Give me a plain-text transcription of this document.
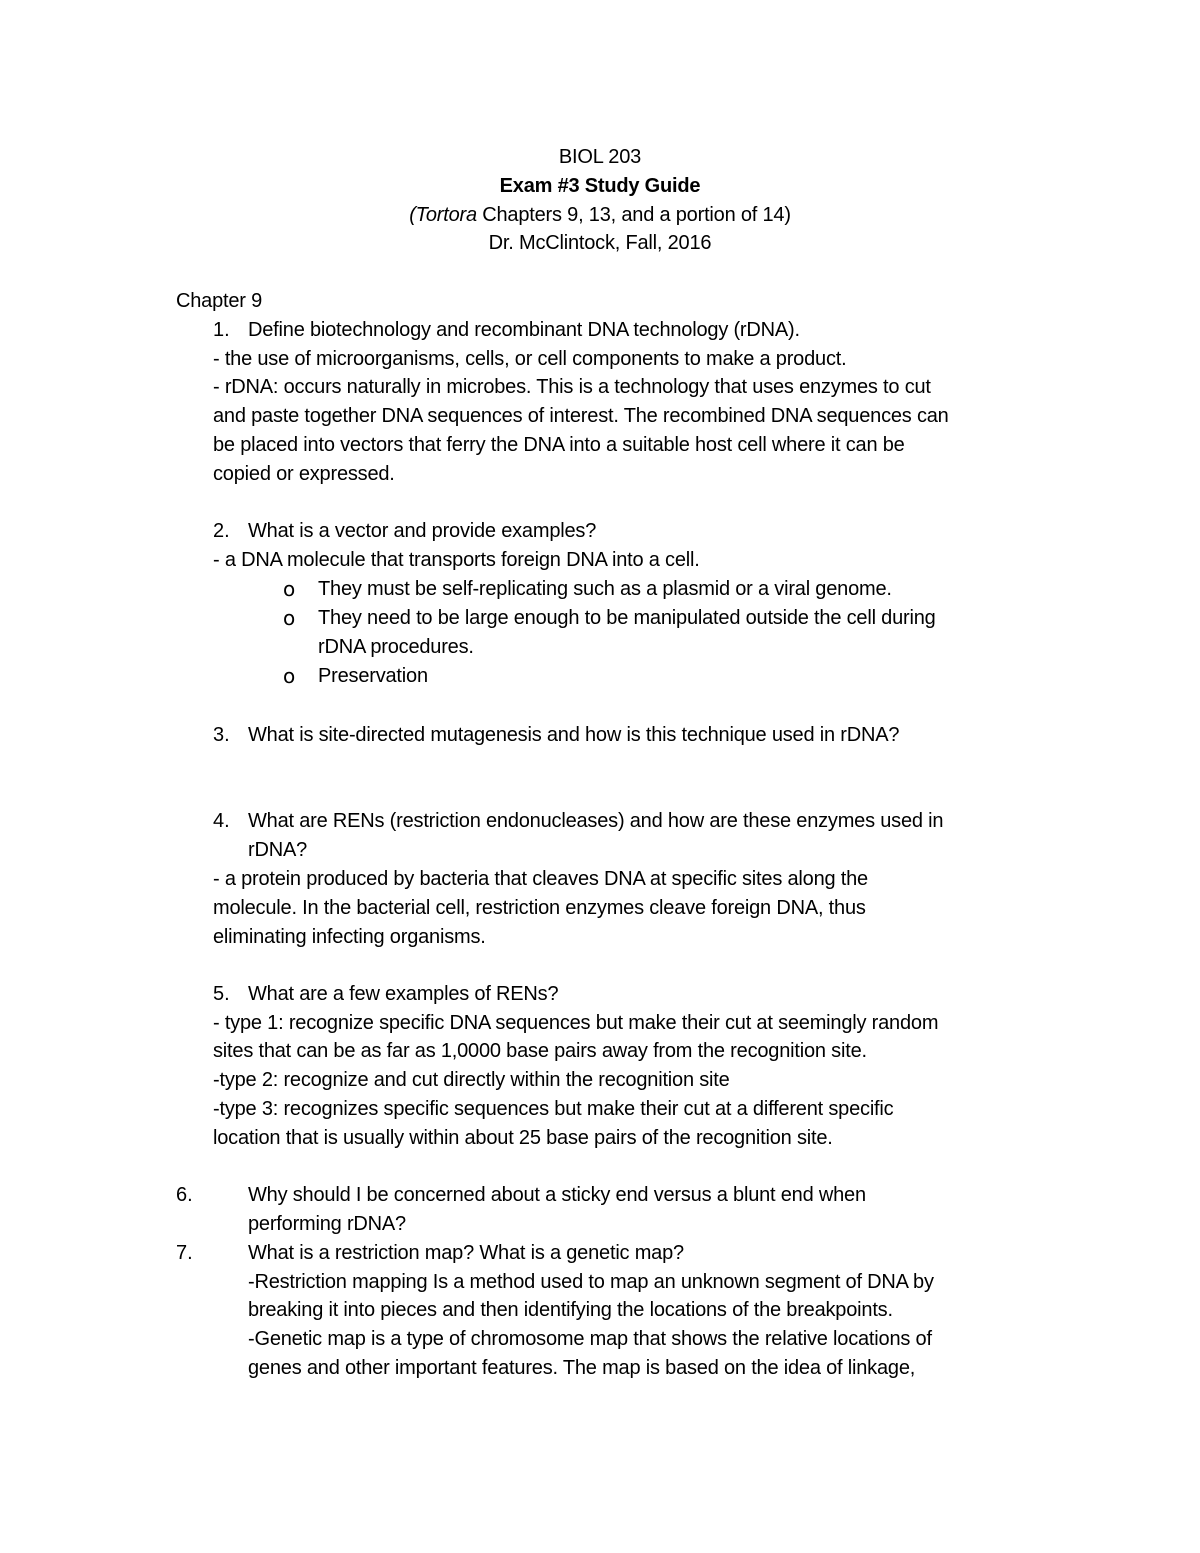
BIOL 203
Exam #3 Study Guide
(Tortora Chapters 9, 13, and a portion of 14)
Dr. McClintock, Fall, 2016
Chapter 9
1. Define biotechnology and recombinant DNA technology (rDNA).
- the use of microorganisms, cells, or cell components to make a product.
- rDNA: occurs naturally in microbes. This is a technology that uses enzymes to cut
and paste together DNA sequences of interest. The recombined DNA sequences can
be placed into vectors that ferry the DNA into a suitable host cell where it can be
copied or expressed.
2. What is a vector and provide examples?
- a DNA molecule that transports foreign DNA into a cell.
o They must be self-replicating such as a plasmid or a viral genome.
o They need to be large enough to be manipulated outside the cell during
rDNA procedures.
o Preservation
3. What is site-directed mutagenesis and how is this technique used in rDNA?
4. What are RENs (restriction endonucleases) and how are these enzymes used in
rDNA?
- a protein produced by bacteria that cleaves DNA at specific sites along the
molecule. In the bacterial cell, restriction enzymes cleave foreign DNA, thus
eliminating infecting organisms.
5. What are a few examples of RENs?
- type 1: recognize specific DNA sequences but make their cut at seemingly random
sites that can be as far as 1,0000 base pairs away from the recognition site.
-type 2: recognize and cut directly within the recognition site
-type 3: recognizes specific sequences but make their cut at a different specific
location that is usually within about 25 base pairs of the recognition site.
6.	Why should I be concerned about a sticky end versus a blunt end when
performing rDNA?
7.	What is a restriction map? What is a genetic map?
-Restriction mapping Is a method used to map an unknown segment of DNA by
breaking it into pieces and then identifying the locations of the breakpoints.
-Genetic map is a type of chromosome map that shows the relative locations of
genes and other important features. The map is based on the idea of linkage,
